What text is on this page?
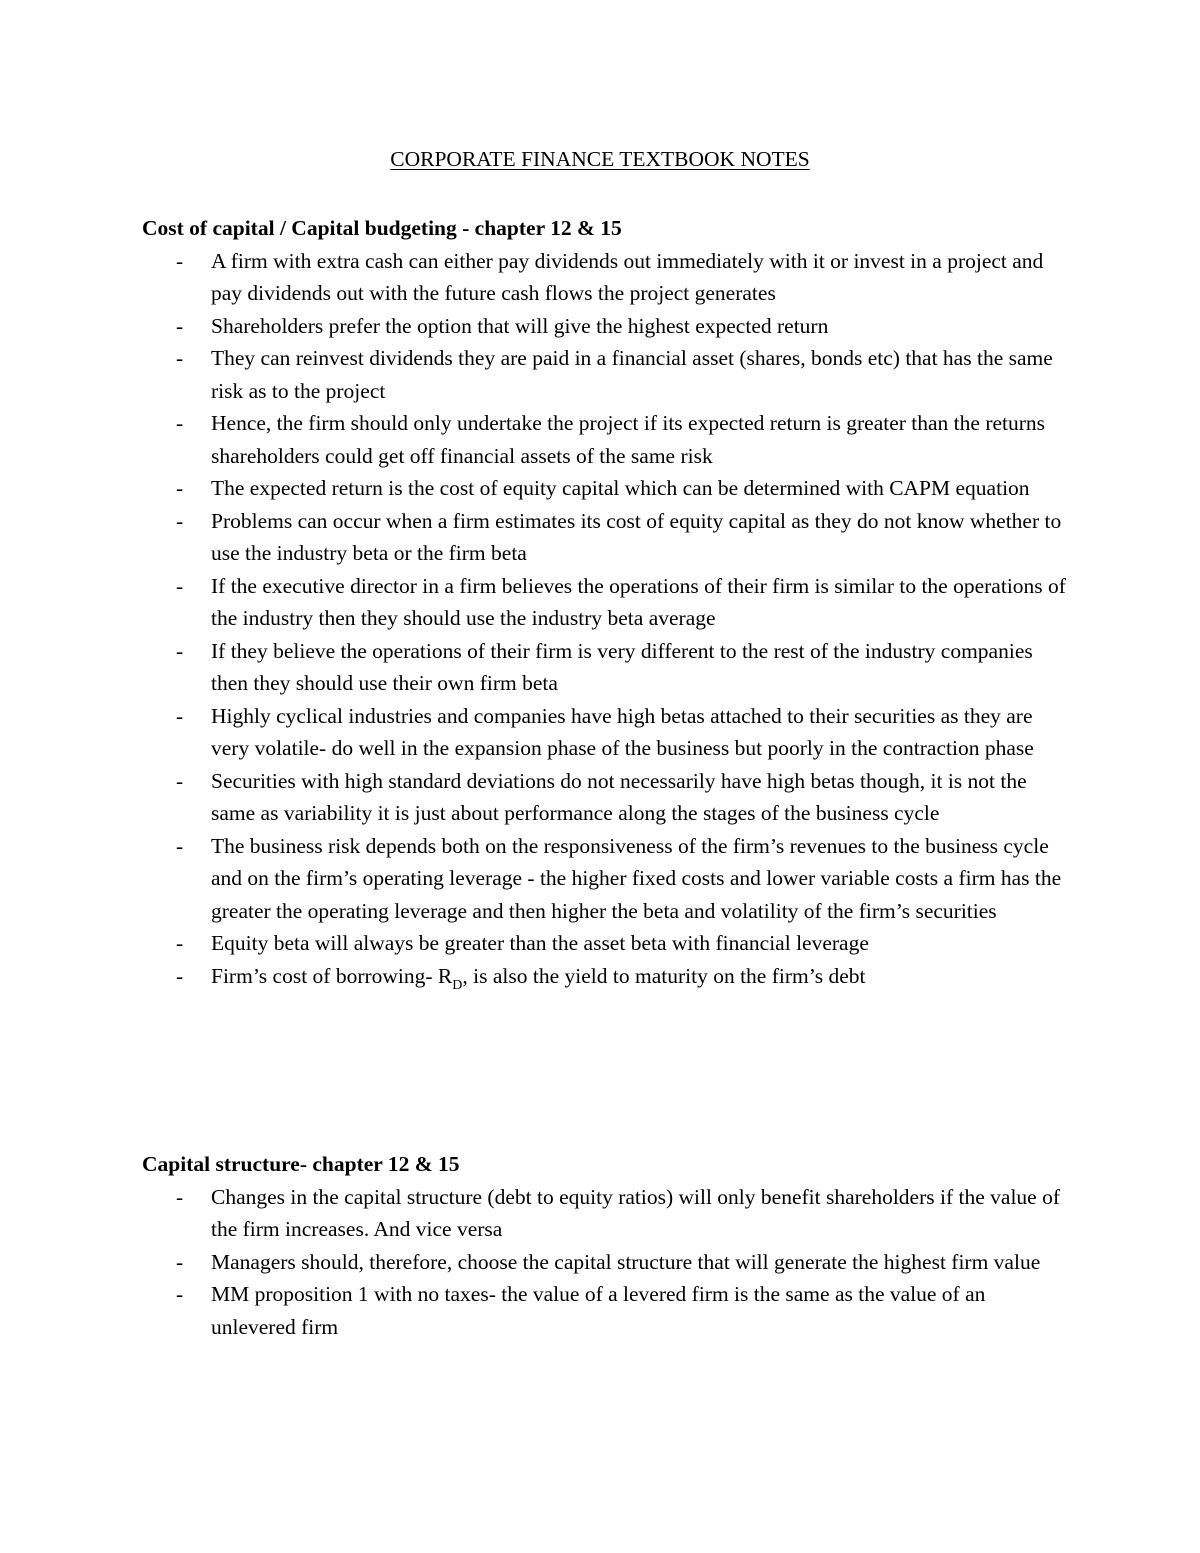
CORPORATE FINANCE TEXTBOOK NOTES
Cost of capital / Capital budgeting - chapter 12 & 15
- A firm with extra cash can either pay dividends out immediately with it or invest in a project and pay dividends out with the future cash flows the project generates
- Shareholders prefer the option that will give the highest expected return
- They can reinvest dividends they are paid in a financial asset (shares, bonds etc) that has the same risk as to the project
- Hence, the firm should only undertake the project if its expected return is greater than the returns shareholders could get off financial assets of the same risk
- The expected return is the cost of equity capital which can be determined with CAPM equation
- Problems can occur when a firm estimates its cost of equity capital as they do not know whether to use the industry beta or the firm beta
- If the executive director in a firm believes the operations of their firm is similar to the operations of the industry then they should use the industry beta average
- If they believe the operations of their firm is very different to the rest of the industry companies then they should use their own firm beta
- Highly cyclical industries and companies have high betas attached to their securities as they are very volatile- do well in the expansion phase of the business but poorly in the contraction phase
- Securities with high standard deviations do not necessarily have high betas though, it is not the same as variability it is just about performance along the stages of the business cycle
- The business risk depends both on the responsiveness of the firm’s revenues to the business cycle and on the firm’s operating leverage - the higher fixed costs and lower variable costs a firm has the greater the operating leverage and then higher the beta and volatility of the firm’s securities
- Equity beta will always be greater than the asset beta with financial leverage
- Firm’s cost of borrowing- $R_D$, is also the yield to maturity on the firm’s debt
Capital structure- chapter 12 & 15
- Changes in the capital structure (debt to equity ratios) will only benefit shareholders if the value of the firm increases. And vice versa
- Managers should, therefore, choose the capital structure that will generate the highest firm value
- MM proposition 1 with no taxes- the value of a levered firm is the same as the value of an unlevered firm
